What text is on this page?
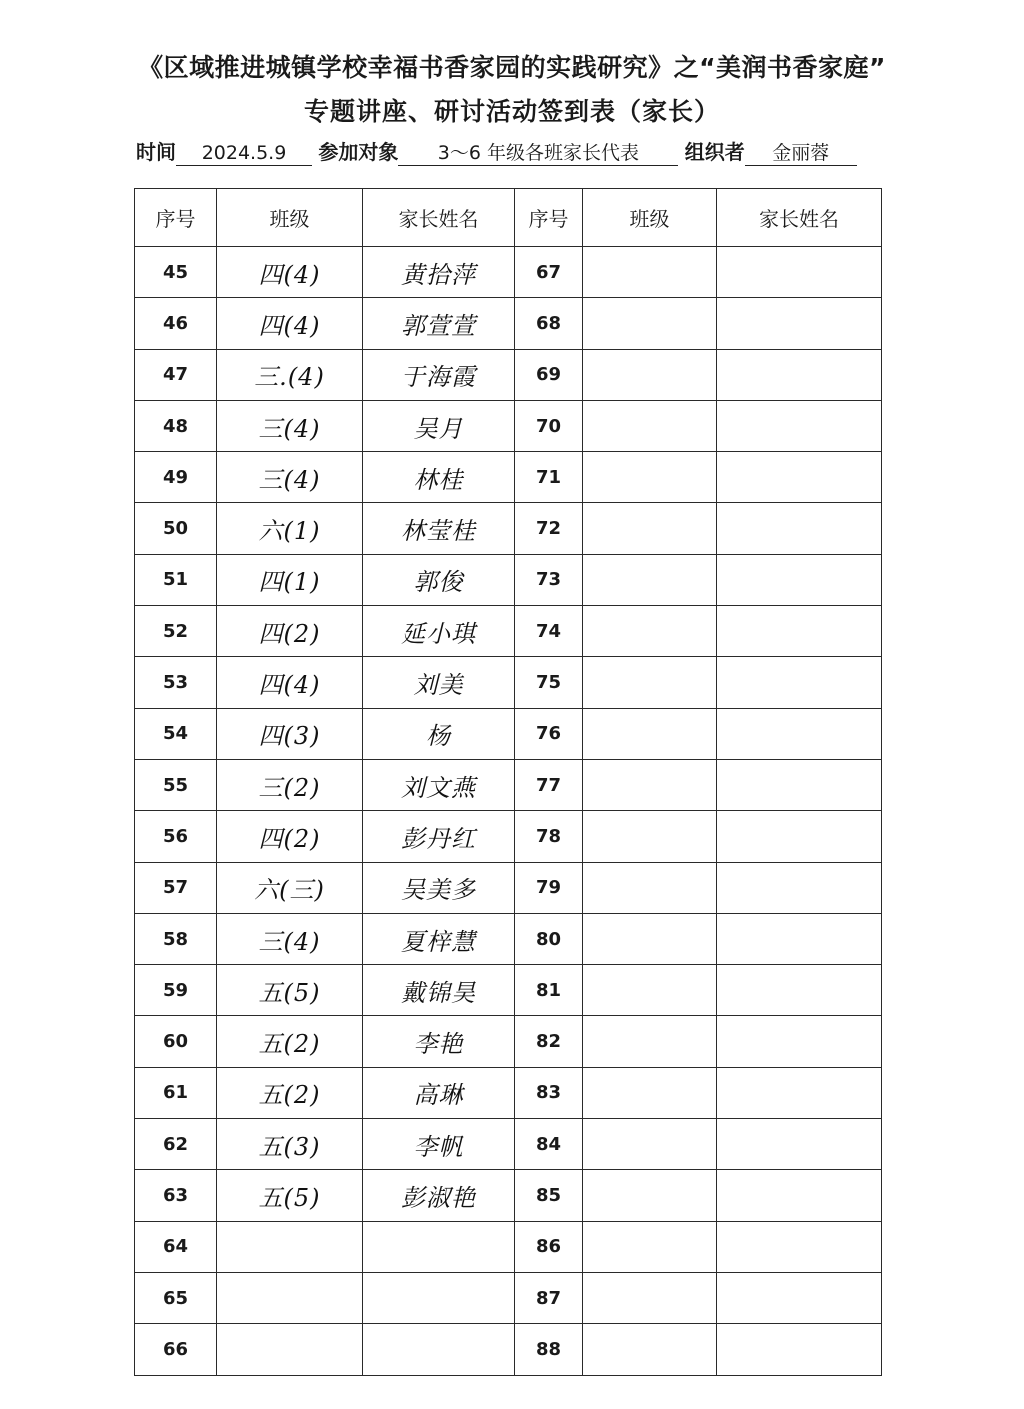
《区域推进城镇学校幸福书香家园的实践研究》之“美润书香家庭”
专题讲座、研讨活动签到表（家长）
时间 2024.5.9 参加对象 3～6 年级各班家长代表 组织者 金丽蓉
序号	班级	家长姓名	序号	班级	家长姓名
45	四(4)	黄拾萍	67		
46	四(4)	郭萱萱	68		
47	三.(4)	于海霞	69		
48	三(4)	吴月	70		
49	三(4)	林桂	71		
50	六(1)	林莹桂	72		
51	四(1)	郭俊	73		
52	四(2)	延小琪	74		
53	四(4)	刘美	75		
54	四(3)	杨	76		
55	三(2)	刘文燕	77		
56	四(2)	彭丹红	78		
57	六(三)	吴美多	79		
58	三(4)	夏梓慧	80		
59	五(5)	戴锦昊	81		
60	五(2)	李艳	82		
61	五(2)	高琳	83		
62	五(3)	李帆	84		
63	五(5)	彭淑艳	85		
64			86		
65			87		
66			88		
